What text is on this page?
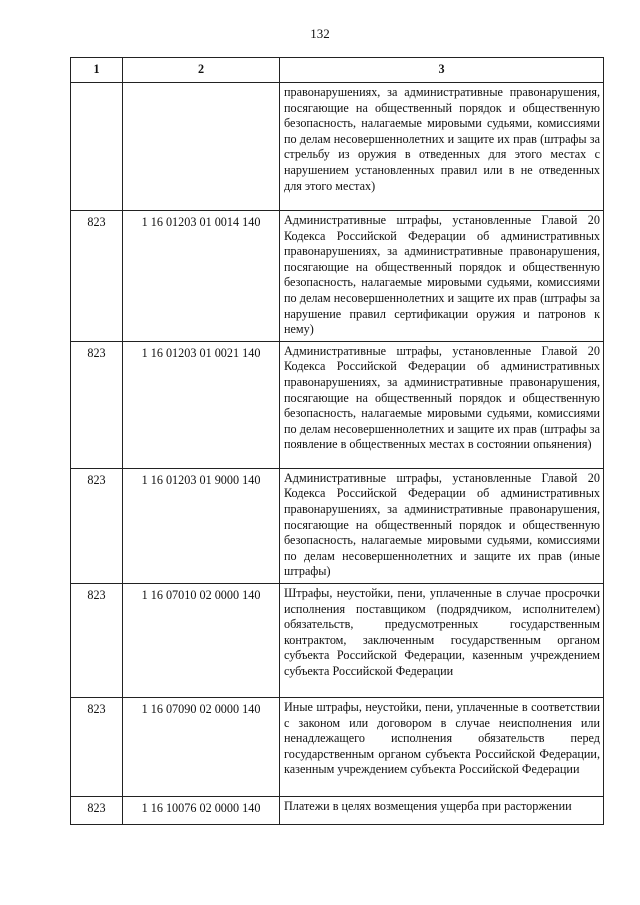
132
1	2	3
		правонарушениях, за административные правонарушения, посягающие на общественный порядок и общественную безопасность, налагаемые мировыми судьями, комиссиями по делам несовершеннолетних и защите их прав (штрафы за стрельбу из оружия в отведенных для этого местах с нарушением установленных правил или в не отведенных для этого местах)
823	1 16 01203 01 0014 140	Административные штрафы, установленные Главой 20 Кодекса Российской Федерации об административных правонарушениях, за административные правонарушения, посягающие на общественный порядок и общественную безопасность, налагаемые мировыми судьями, комиссиями по делам несовершеннолетних и защите их прав (штрафы за нарушение правил сертификации оружия и патронов к нему)
823	1 16 01203 01 0021 140	Административные штрафы, установленные Главой 20 Кодекса Российской Федерации об административных правонарушениях, за административные правонарушения, посягающие на общественный порядок и общественную безопасность, налагаемые мировыми судьями, комиссиями по делам несовершеннолетних и защите их прав (штрафы за появление в общественных местах в состоянии опьянения)
823	1 16 01203 01 9000 140	Административные штрафы, установленные Главой 20 Кодекса Российской Федерации об административных правонарушениях, за административные правонарушения, посягающие на общественный порядок и общественную безопасность, налагаемые мировыми судьями, комиссиями по делам несовершеннолетних и защите их прав (иные штрафы)
823	1 16 07010 02 0000 140	Штрафы, неустойки, пени, уплаченные в случае просрочки исполнения поставщиком (подрядчиком, исполнителем) обязательств, предусмотренных государственным контрактом, заключенным государственным органом субъекта Российской Федерации, казенным учреждением субъекта Российской Федерации
823	1 16 07090 02 0000 140	Иные штрафы, неустойки, пени, уплаченные в соответствии с законом или договором в случае неисполнения или ненадлежащего исполнения обязательств перед государственным органом субъекта Российской Федерации, казенным учреждением субъекта Российской Федерации
823	1 16 10076 02 0000 140	Платежи в целях возмещения ущерба при расторжении
